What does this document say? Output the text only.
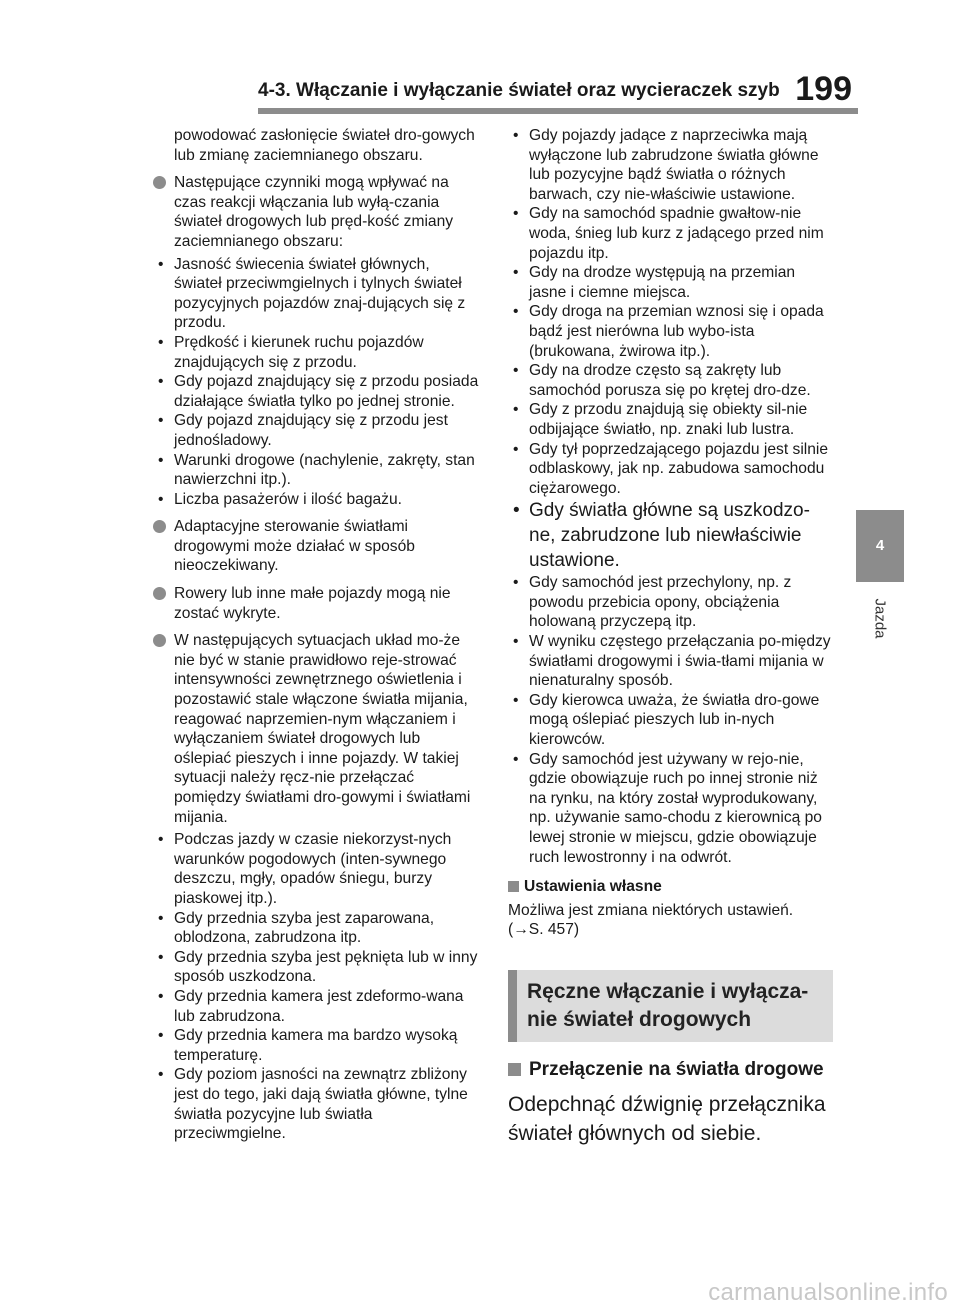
4-3. Włączanie i wyłączanie świateł oraz wycieraczek szyb 199

powodować zasłonięcie świateł dro-gowych lub zmianę zaciemnianego obszaru.

Następujące czynniki mogą wpływać na czas reakcji włączania lub wyłą-czania świateł drogowych lub pręd-kość zmiany zaciemnianego obszaru:
• Jasność świecenia świateł głównych, świateł przeciwmgielnych i tylnych świateł pozycyjnych pojazdów znaj-dujących się z przodu.
• Prędkość i kierunek ruchu pojazdów znajdujących się z przodu.
• Gdy pojazd znajdujący się z przodu posiada działające światła tylko po jednej stronie.
• Gdy pojazd znajdujący się z przodu jest jednośladowy.
• Warunki drogowe (nachylenie, zakręty, stan nawierzchni itp.).
• Liczba pasażerów i ilość bagażu.
Adaptacyjne sterowanie światłami drogowymi może działać w sposób nieoczekiwany.
Rowery lub inne małe pojazdy mogą nie zostać wykryte.
W następujących sytuacjach układ mo-że nie być w stanie prawidłowo reje-strować intensywności zewnętrznego oświetlenia i pozostawić stale włączone światła mijania, reagować naprzemien-nym włączaniem i wyłączaniem świateł drogowych lub oślepiać pieszych i inne pojazdy. W takiej sytuacji należy ręcz-nie przełączać pomiędzy światłami dro-gowymi i światłami mijania.
• Podczas jazdy w czasie niekorzyst-nych warunków pogodowych (inten-sywnego deszczu, mgły, opadów śniegu, burzy piaskowej itp.).
• Gdy przednia szyba jest zaparowana, oblodzona, zabrudzona itp.
• Gdy przednia szyba jest pęknięta lub w inny sposób uszkodzona.
• Gdy przednia kamera jest zdeformo-wana lub zabrudzona.
• Gdy przednia kamera ma bardzo wysoką temperaturę.
• Gdy poziom jasności na zewnątrz zbliżony jest do tego, jaki dają światła główne, tylne światła pozycyjne lub światła przeciwmgielne.
• Gdy pojazdy jadące z naprzeciwka mają wyłączone lub zabrudzone światła główne lub pozycyjne bądź światła o różnych barwach, czy nie-właściwie ustawione.
• Gdy na samochód spadnie gwałtow-nie woda, śnieg lub kurz z jadącego przed nim pojazdu itp.
• Gdy na drodze występują na przemian jasne i ciemne miejsca.
• Gdy droga na przemian wznosi się i opada bądź jest nierówna lub wybo-ista (brukowana, żwirowa itp.).
• Gdy na drodze często są zakręty lub samochód porusza się po krętej dro-dze.
• Gdy z przodu znajdują się obiekty sil-nie odbijające światło, np. znaki lub lustra.
• Gdy tył poprzedzającego pojazdu jest silnie odblaskowy, jak np. zabudowa samochodu ciężarowego.
• Gdy światła główne są uszkodzo-ne, zabrudzone lub niewłaściwie ustawione.
• Gdy samochód jest przechylony, np. z powodu przebicia opony, obciążenia holowaną przyczepą itp.
• W wyniku częstego przełączania po-między światłami drogowymi i świa-tłami mijania w nienaturalny sposób.
• Gdy kierowca uważa, że światła dro-gowe mogą oślepiać pieszych lub in-nych kierowców.
• Gdy samochód jest używany w rejo-nie, gdzie obowiązuje ruch po innej stronie niż na rynku, na który został wyprodukowany, np. używanie samo-chodu z kierownicą po lewej stronie w miejscu, gdzie obowiązuje ruch lewostronny i na odwrót.
Ustawienia własne

Możliwa jest zmiana niektórych ustawień.
(→S. 457)

Ręczne włączanie i wyłącza-nie świateł drogowych
Przełączenie na światła drogowe

Odepchnąć dźwignię przełącznika świateł głównych od siebie.

4
Jazda
carmanualsonline.info
